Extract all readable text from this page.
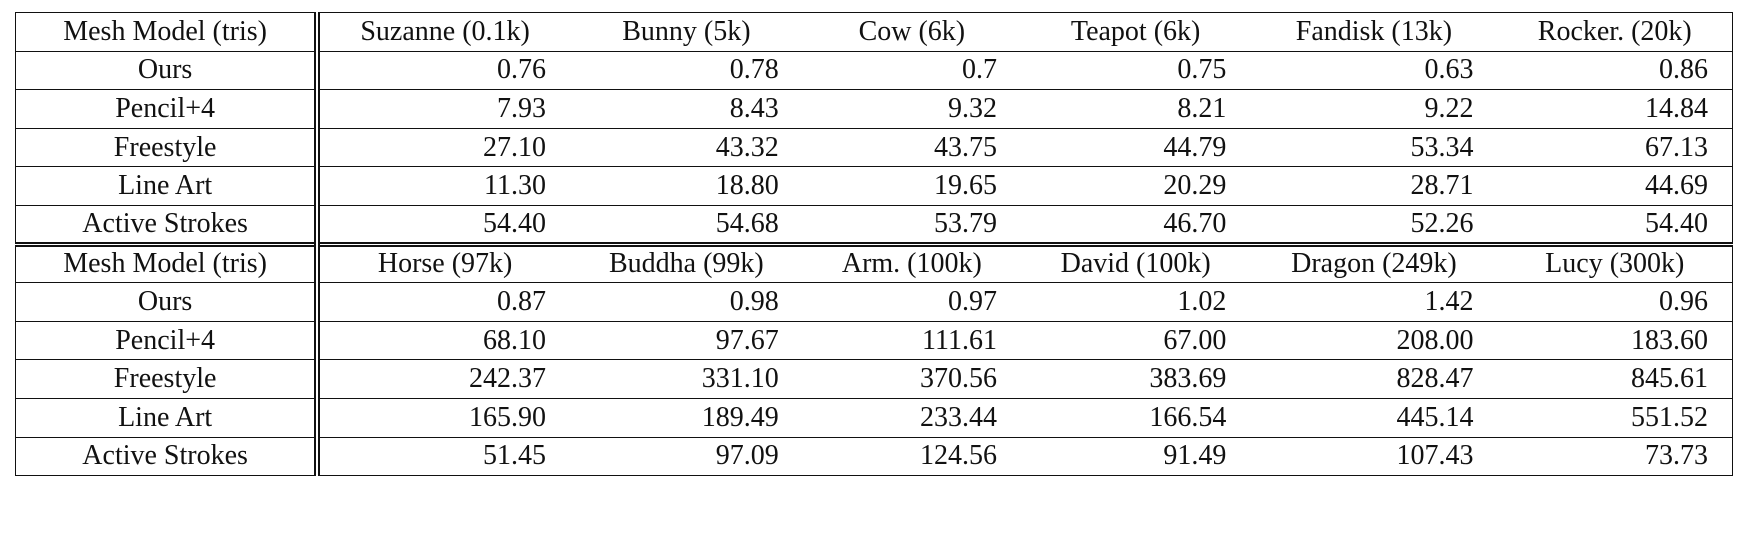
Mesh Model (tris)	Suzanne (0.1k)	Bunny (5k)	Cow (6k)	Teapot (6k)	Fandisk (13k)	Rocker. (20k)
Ours	0.76	0.78	0.7	0.75	0.63	0.86
Pencil+4	7.93	8.43	9.32	8.21	9.22	14.84
Freestyle	27.10	43.32	43.75	44.79	53.34	67.13
Line Art	11.30	18.80	19.65	20.29	28.71	44.69
Active Strokes	54.40	54.68	53.79	46.70	52.26	54.40
Mesh Model (tris)	Horse (97k)	Buddha (99k)	Arm. (100k)	David (100k)	Dragon (249k)	Lucy (300k)
Ours	0.87	0.98	0.97	1.02	1.42	0.96
Pencil+4	68.10	97.67	111.61	67.00	208.00	183.60
Freestyle	242.37	331.10	370.56	383.69	828.47	845.61
Line Art	165.90	189.49	233.44	166.54	445.14	551.52
Active Strokes	51.45	97.09	124.56	91.49	107.43	73.73
